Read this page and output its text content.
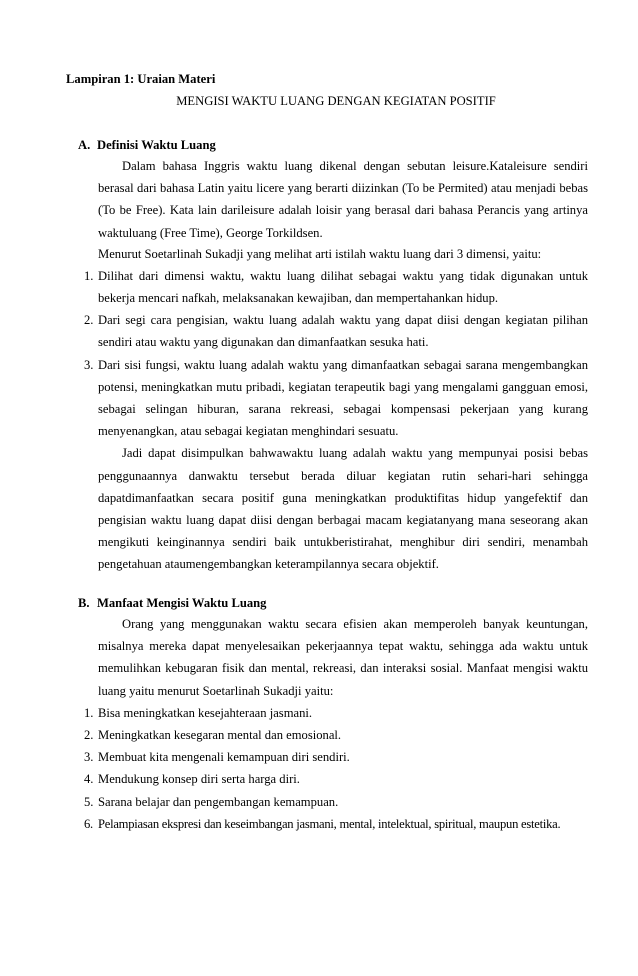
Lampiran 1: Uraian Materi
MENGISI WAKTU LUANG DENGAN KEGIATAN POSITIF
A. Definisi Waktu Luang

Dalam bahasa Inggris waktu luang dikenal dengan sebutan leisure.Kataleisure sendiri berasal dari bahasa Latin yaitu licere yang berarti diizinkan (To be Permited) atau menjadi bebas (To be Free). Kata lain darileisure adalah loisir yang berasal dari bahasa Perancis yang artinya waktuluang (Free Time), George Torkildsen.

Menurut Soetarlinah Sukadji yang melihat arti istilah waktu luang dari 3 dimensi, yaitu:

1. Dilihat dari dimensi waktu, waktu luang dilihat sebagai waktu yang tidak digunakan untuk bekerja mencari nafkah, melaksanakan kewajiban, dan mempertahankan hidup.
2. Dari segi cara pengisian, waktu luang adalah waktu yang dapat diisi dengan kegiatan pilihan sendiri atau waktu yang digunakan dan dimanfaatkan sesuka hati.
3. Dari sisi fungsi, waktu luang adalah waktu yang dimanfaatkan sebagai sarana mengembangkan potensi, meningkatkan mutu pribadi, kegiatan terapeutik bagi yang mengalami gangguan emosi, sebagai selingan hiburan, sarana rekreasi, sebagai kompensasi pekerjaan yang kurang menyenangkan, atau sebagai kegiatan menghindari sesuatu.

Jadi dapat disimpulkan bahwawaktu luang adalah waktu yang mempunyai posisi bebas penggunaannya danwaktu tersebut berada diluar kegiatan rutin sehari-hari sehingga dapatdimanfaatkan secara positif guna meningkatkan produktifitas hidup yangefektif dan pengisian waktu luang dapat diisi dengan berbagai macam kegiatanyang mana seseorang akan mengikuti keinginannya sendiri baik untukberistirahat, menghibur diri sendiri, menambah pengetahuan ataumengembangkan keterampilannya secara objektif.

B. Manfaat Mengisi Waktu Luang

Orang yang menggunakan waktu secara efisien akan memperoleh banyak keuntungan, misalnya mereka dapat menyelesaikan pekerjaannya tepat waktu, sehingga ada waktu untuk memulihkan kebugaran fisik dan mental, rekreasi, dan interaksi sosial. Manfaat mengisi waktu luang yaitu menurut Soetarlinah Sukadji yaitu:

1. Bisa meningkatkan kesejahteraan jasmani.
2. Meningkatkan kesegaran mental dan emosional.
3. Membuat kita mengenali kemampuan diri sendiri.
4. Mendukung konsep diri serta harga diri.
5. Sarana belajar dan pengembangan kemampuan.
6. Pelampiasan ekspresi dan keseimbangan jasmani, mental, intelektual, spiritual, maupun estetika.
